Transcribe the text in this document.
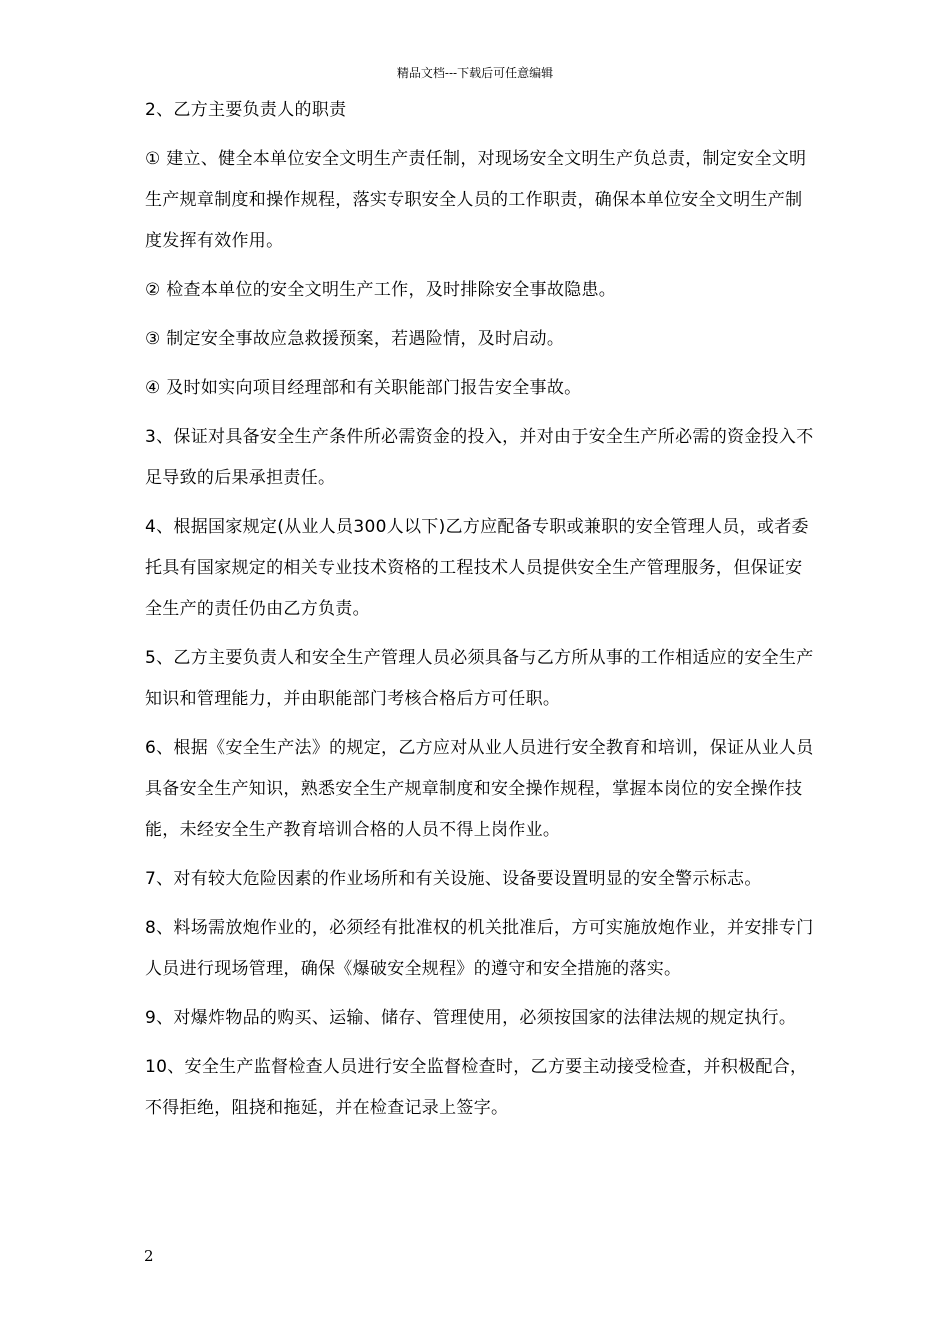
精品文档---下载后可任意编辑

2、乙方主要负责人的职责

① 建立、健全本单位安全文明生产责任制，对现场安全文明生产负总责，制定安全文明生产规章制度和操作规程，落实专职安全人员的工作职责，确保本单位安全文明生产制度发挥有效作用。

② 检查本单位的安全文明生产工作，及时排除安全事故隐患。

③ 制定安全事故应急救援预案，若遇险情，及时启动。

④ 及时如实向项目经理部和有关职能部门报告安全事故。

3、保证对具备安全生产条件所必需资金的投入，并对由于安全生产所必需的资金投入不足导致的后果承担责任。

4、根据国家规定(从业人员300人以下)乙方应配备专职或兼职的安全管理人员，或者委托具有国家规定的相关专业技术资格的工程技术人员提供安全生产管理服务，但保证安全生产的责任仍由乙方负责。

5、乙方主要负责人和安全生产管理人员必须具备与乙方所从事的工作相适应的安全生产知识和管理能力，并由职能部门考核合格后方可任职。

6、根据《安全生产法》的规定，乙方应对从业人员进行安全教育和培训，保证从业人员具备安全生产知识，熟悉安全生产规章制度和安全操作规程，掌握本岗位的安全操作技能，未经安全生产教育培训合格的人员不得上岗作业。

7、对有较大危险因素的作业场所和有关设施、设备要设置明显的安全警示标志。

8、料场需放炮作业的，必须经有批准权的机关批准后，方可实施放炮作业，并安排专门人员进行现场管理，确保《爆破安全规程》的遵守和安全措施的落实。

9、对爆炸物品的购买、运输、储存、管理使用，必须按国家的法律法规的规定执行。

10、安全生产监督检查人员进行安全监督检查时，乙方要主动接受检查，并积极配合，不得拒绝，阻挠和拖延，并在检查记录上签字。

2
